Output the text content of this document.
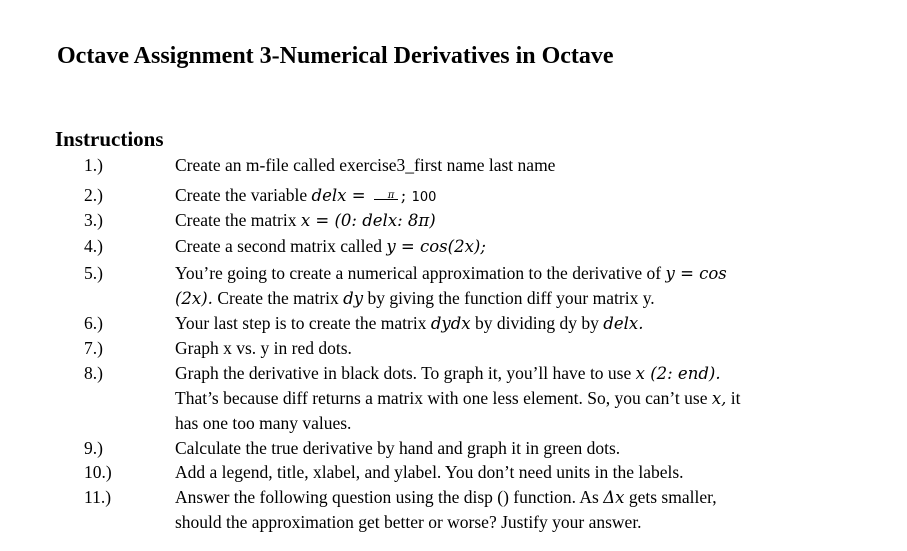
Octave Assignment 3-Numerical Derivatives in Octave
Instructions
1.)	Create an m-file called exercise3_first name last name
2.)	Create the variable delx = π ; 100
3.)	Create the matrix x = (0: delx: 8π)
4.)	Create a second matrix called y = cos(2x);
5.)	You’re going to create a numerical approximation to the derivative of y = cos
(2x). Create the matrix dy by giving the function diff your matrix y.
6.)	Your last step is to create the matrix dydx by dividing dy by delx.
7.)	Graph x vs. y in red dots.
8.)	Graph the derivative in black dots. To graph it, you’ll have to use x (2: end).
That’s because diff returns a matrix with one less element. So, you can’t use x, it
has one too many values.
9.)	Calculate the true derivative by hand and graph it in green dots.
10.)	Add a legend, title, xlabel, and ylabel. You don’t need units in the labels.
11.)	Answer the following question using the disp () function. As Δx gets smaller,
should the approximation get better or worse? Justify your answer.
